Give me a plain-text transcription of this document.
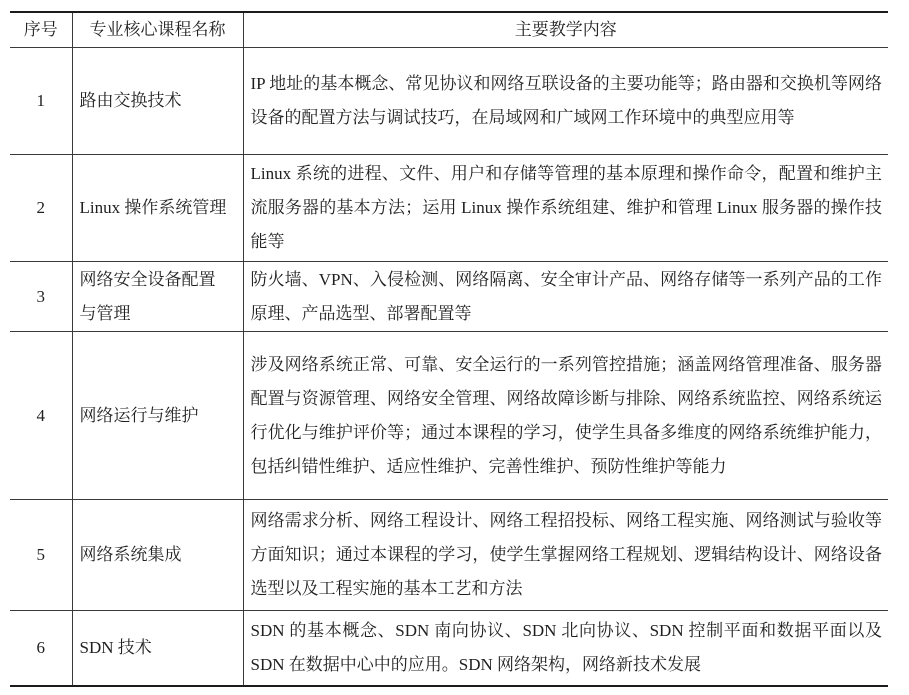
序号	专业核心课程名称	主要教学内容
1	路由交换技术	IP 地址的基本概念、常见协议和网络互联设备的主要功能等；路由器和交换机等网络设备的配置方法与调试技巧，在局域网和广域网工作环境中的典型应用等
2	Linux 操作系统管理	Linux 系统的进程、文件、用户和存储等管理的基本原理和操作命令，配置和维护主流服务器的基本方法；运用 Linux 操作系统组建、维护和管理 Linux 服务器的操作技能等
3	网络安全设备配置与管理	防火墙、VPN、入侵检测、网络隔离、安全审计产品、网络存储等一系列产品的工作原理、产品选型、部署配置等
4	网络运行与维护	涉及网络系统正常、可靠、安全运行的一系列管控措施；涵盖网络管理准备、服务器配置与资源管理、网络安全管理、网络故障诊断与排除、网络系统监控、网络系统运行优化与维护评价等；通过本课程的学习，使学生具备多维度的网络系统维护能力，包括纠错性维护、适应性维护、完善性维护、预防性维护等能力
5	网络系统集成	网络需求分析、网络工程设计、网络工程招投标、网络工程实施、网络测试与验收等方面知识；通过本课程的学习，使学生掌握网络工程规划、逻辑结构设计、网络设备选型以及工程实施的基本工艺和方法
6	SDN 技术	SDN 的基本概念、SDN 南向协议、SDN 北向协议、SDN 控制平面和数据平面以及 SDN 在数据中心中的应用。SDN 网络架构，网络新技术发展
